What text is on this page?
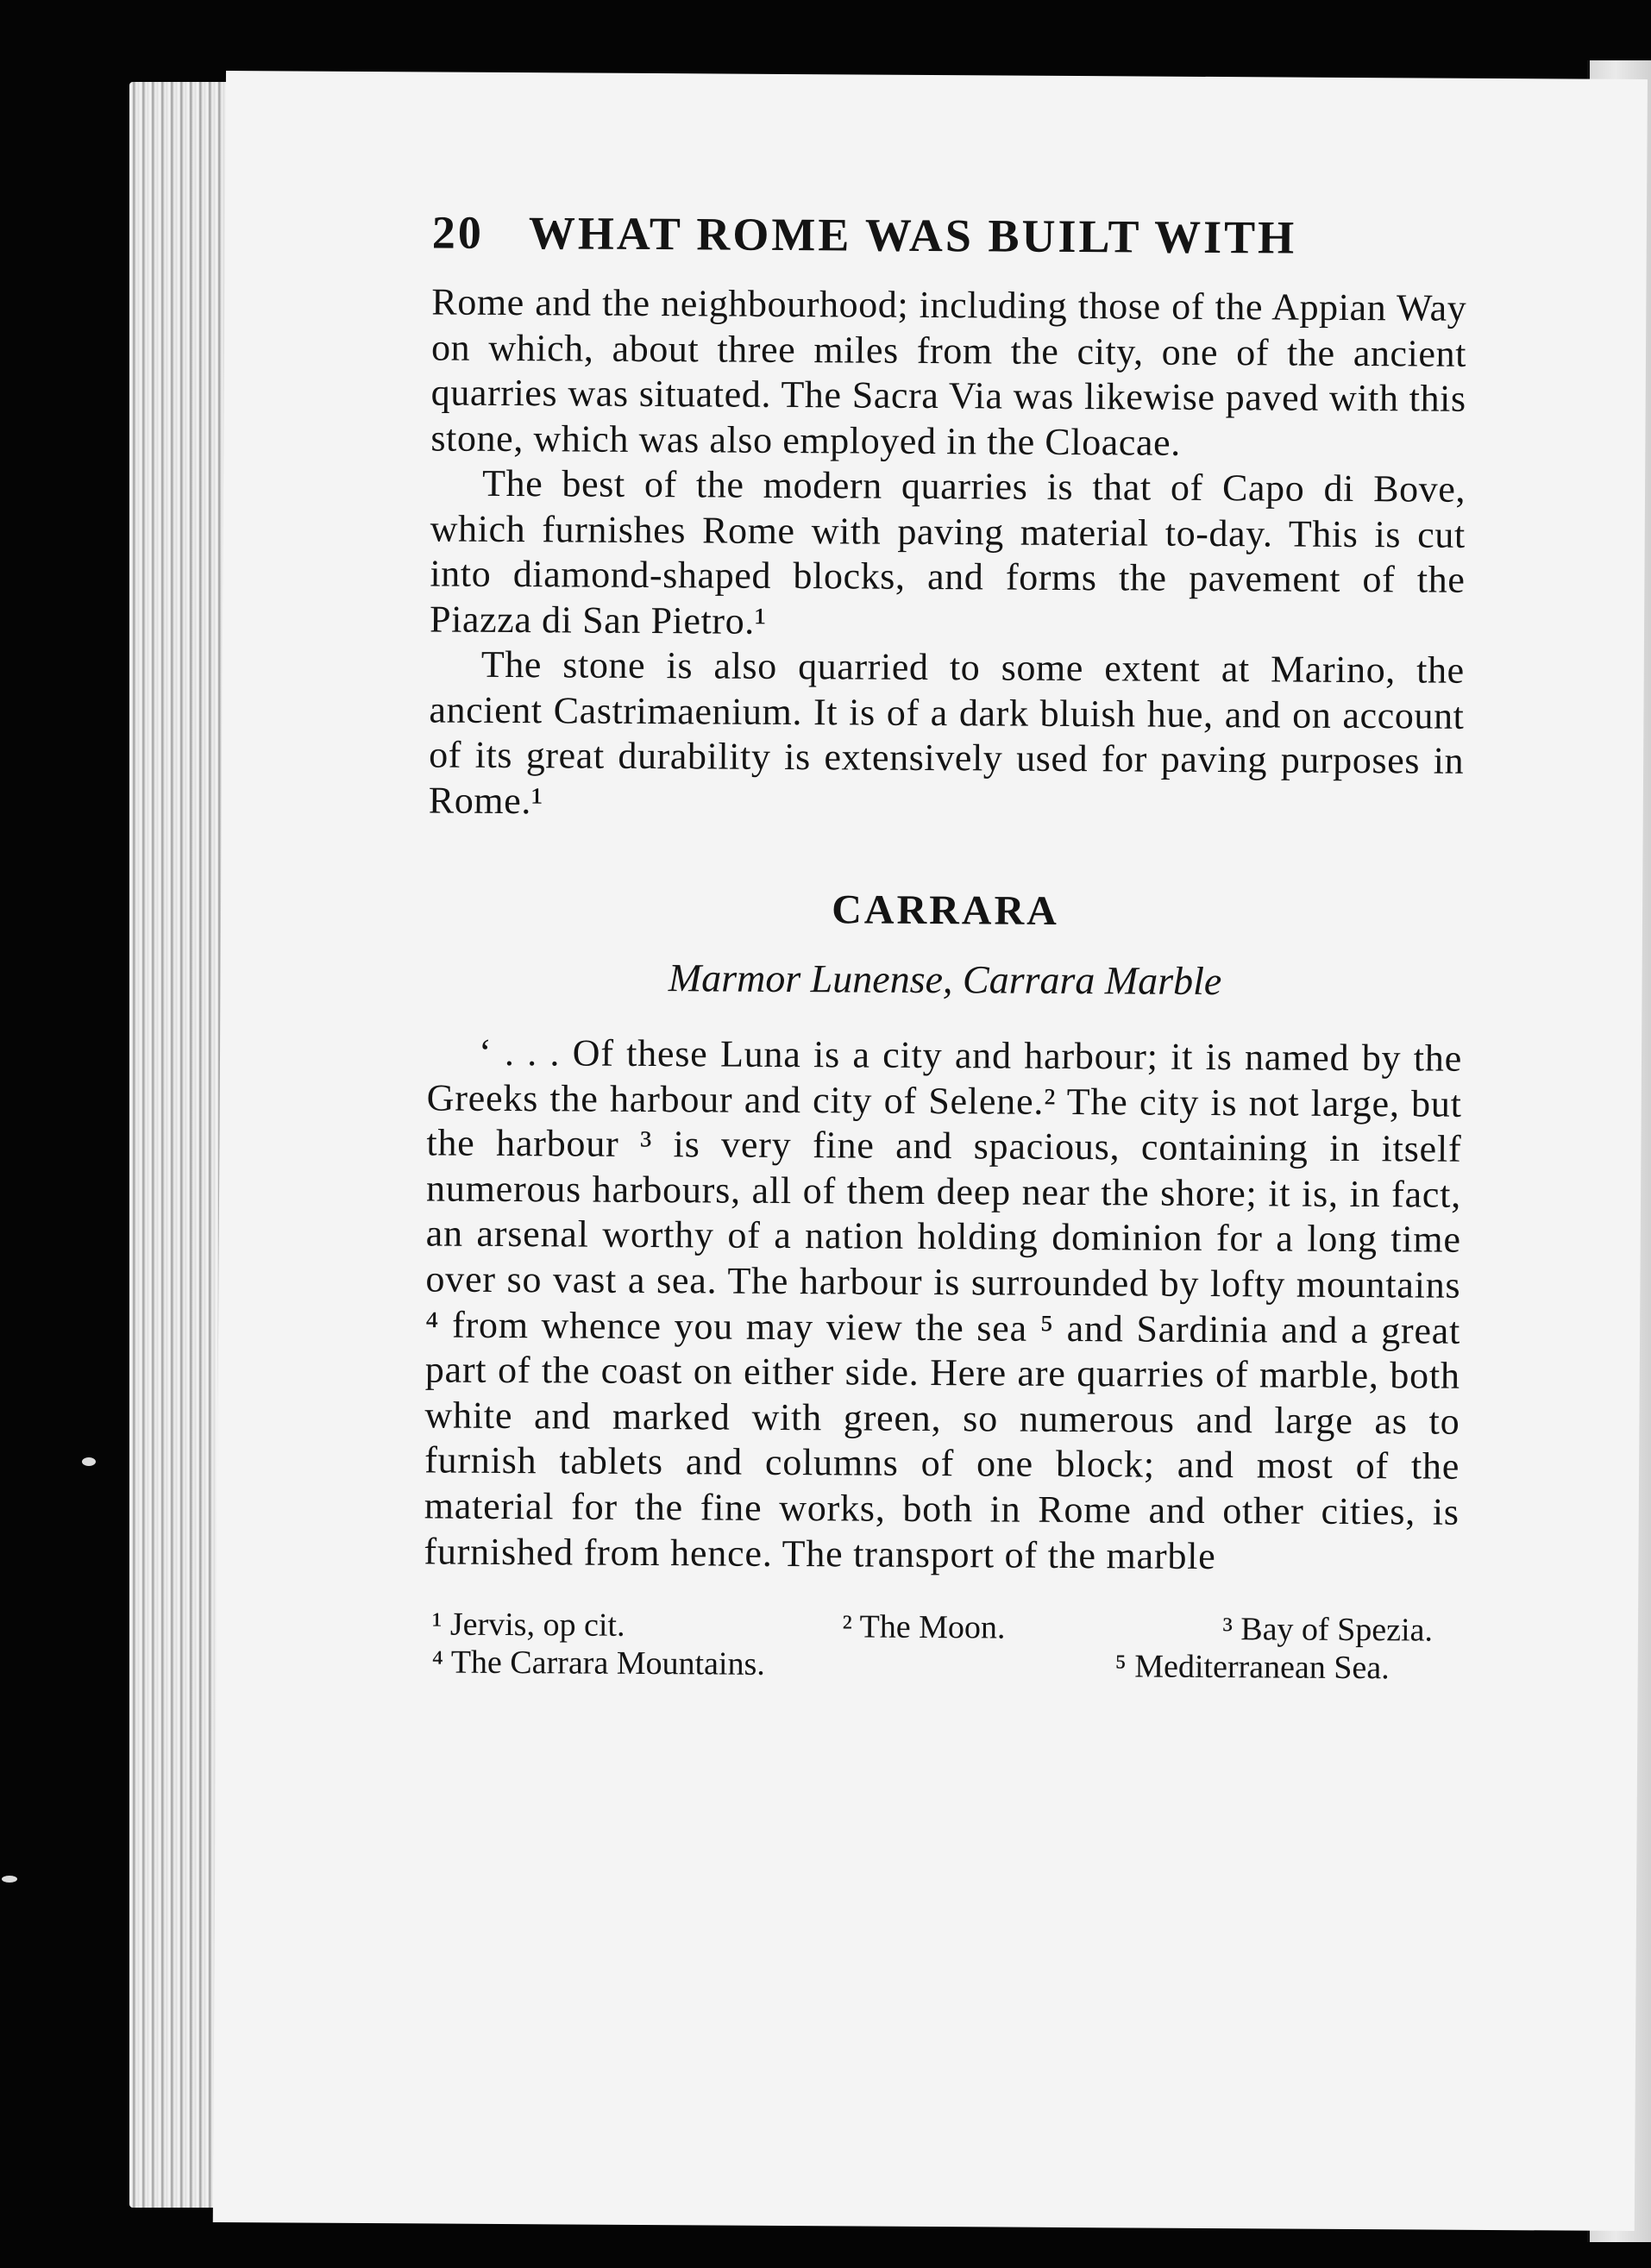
20 WHAT ROME WAS BUILT WITH

Rome and the neighbourhood; including those of the Appian Way on which, about three miles from the city, one of the ancient quarries was situated. The Sacra Via was likewise paved with this stone, which was also employed in the Cloacae.

The best of the modern quarries is that of Capo di Bove, which furnishes Rome with paving material to-day. This is cut into diamond-shaped blocks, and forms the pavement of the Piazza di San Pietro.¹

The stone is also quarried to some extent at Marino, the ancient Castrimaenium. It is of a dark bluish hue, and on account of its great durability is extensively used for paving purposes in Rome.¹

CARRARA
Marmor Lunense, Carrara Marble

‘ . . . Of these Luna is a city and harbour; it is named by the Greeks the harbour and city of Selene.² The city is not large, but the harbour ³ is very fine and spacious, containing in itself numerous harbours, all of them deep near the shore; it is, in fact, an arsenal worthy of a nation holding dominion for a long time over so vast a sea. The harbour is surrounded by lofty mountains ⁴ from whence you may view the sea ⁵ and Sardinia and a great part of the coast on either side. Here are quarries of marble, both white and marked with green, so numerous and large as to furnish tablets and columns of one block; and most of the material for the fine works, both in Rome and other cities, is furnished from hence. The transport of the marble

¹ Jervis, op cit.	² The Moon.	³ Bay of Spezia.
⁴ The Carrara Mountains.	⁵ Mediterranean Sea.
